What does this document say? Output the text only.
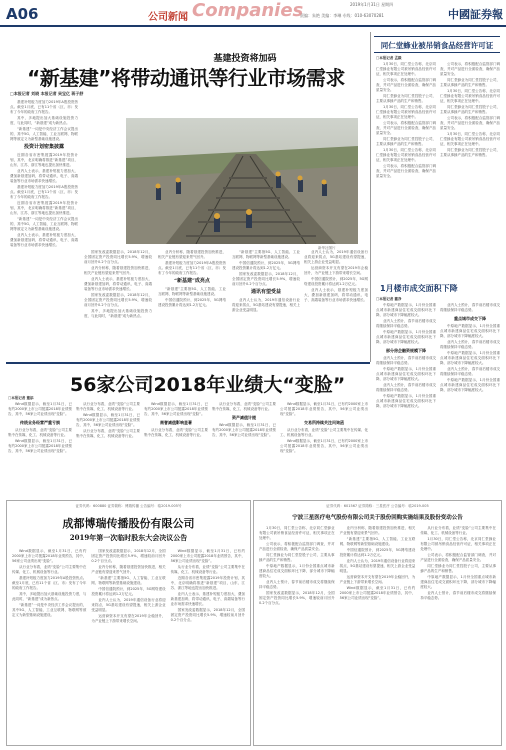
A06	Companies
公司新闻
2019年1月31日 星期四
责编：朱艳 美编：李琳 专线：010-63070281	中國証券報
基建投资将加码
“新基建”将带动通讯等行业市场需求
□本报记者 刘晓 本报记者 吴宝亿 蒋子舒

基建补短板力度加力2019年A股投资热点。截至1月底，已有11个省（区、市）发布了今年的政府工作报告。

其中，多地提出加大基础设施投资力度，与此同时，“新基建”成为新热点。

“新基建”一词是中央经济工作会议提出的，其中5G、人工智能、工业互联网、物联网等被定义为新型基础设施建设。

投资计划密集披露

近期各省市密集披露2019年投资计划，其中，北京明确将推进“新基建”项目，山东、江苏、浙江等地也提出加快推进。

业内人士表示，基建补短板力度加大，叠加新基建加码，将带动通讯、电子、高端装备等行业市场需求快速增长。

基建补短板力度加力2019年A股投资热点。截至1月底，已有11个省（区、市）发布了今年的政府工作报告。

近期各省市密集披露2019年投资计划，其中，北京明确将推进“新基建”项目，山东、江苏、浙江等地也提出加快推进。

“新基建”一词是中央经济工作会议提出的，其中5G、人工智能、工业互联网、物联网等被定义为新型基础设施建设。

业内人士表示，基建补短板力度加大，叠加新基建加码，将带动通讯、电子、高端装备等行业市场需求快速增长。

新华社图片

国家发改委数据显示，2018年12月，全国固定资产投资同比增长5.9%，增速较前月回升0.2个百分点。

业内分析称，随着基建投资加快推进，相关产业链有望迎来景气回升。

业内人士表示，基建补短板力度加大，叠加新基建加码，将带动通讯、电子、高端装备等行业市场需求快速增长。

国家发改委数据显示，2018年12月，全国固定资产投资同比增长5.9%，增速较前月回升0.2个百分点。

其中，多地提出加大基础设施投资力度，与此同时，“新基建”成为新热点。

业内分析称，随着基建投资加快推进，相关产业链有望迎来景气回升。

基建补短板力度加力2019年A股投资热点。截至1月底，已有11个省（区、市）发布了今年的政府工作报告。

“新基建”成亮点

“新基建”主要指5G、人工智能、工业互联网、物联网等新型基础设施建设。

中国信通院预计，到2025年，5G网络建设投资累计将达到1.2万亿元。

“新基建”主要指5G、人工智能、工业互联网、物联网等新型基础设施建设。

中国信通院预计，到2025年，5G网络建设投资累计将达到1.2万亿元。

国家发改委数据显示，2018年12月，全国固定资产投资同比增长5.9%，增速较前月回升0.2个百分点。

通讯有望受益

业内人士认为，2019年通信设备行业将迎来拐点，5G基站建设有望提速，相关上游企业受益明显。

业内人士认为，2019年通信设备行业将迎来拐点，5G基站建设有望提速，相关上游企业受益明显。

运营商资本开支有望在2019年企稳回升，为产业链上下游带来增长空间。

中国信通院预计，到2025年，5G网络建设投资累计将达到1.2万亿元。

业内人士表示，基建补短板力度加大，叠加新基建加码，将带动通讯、电子、高端装备等行业市场需求快速增长。

同仁堂蜂业被吊销食品经营许可证
□本报记者 孟燚

1月30日，同仁堂公告称，北京同仁堂蜂业有限公司被吊销食品经营许可证，相关事项正在处理中。

公司表示，将积极配合监管部门调查，并对产品进行全面检查，确保产品质量安全。

同仁堂蜂业为同仁堂控股子公司，主要从事蜂产品的生产和销售。

1月30日，同仁堂公告称，北京同仁堂蜂业有限公司被吊销食品经营许可证，相关事项正在处理中。

公司表示，将积极配合监管部门调查，并对产品进行全面检查，确保产品质量安全。

同仁堂蜂业为同仁堂控股子公司，主要从事蜂产品的生产和销售。

1月30日，同仁堂公告称，北京同仁堂蜂业有限公司被吊销食品经营许可证，相关事项正在处理中。

公司表示，将积极配合监管部门调查，并对产品进行全面检查，确保产品质量安全。

公司表示，将积极配合监管部门调查，并对产品进行全面检查，确保产品质量安全。

同仁堂蜂业为同仁堂控股子公司，主要从事蜂产品的生产和销售。

1月30日，同仁堂公告称，北京同仁堂蜂业有限公司被吊销食品经营许可证，相关事项正在处理中。

同仁堂蜂业为同仁堂控股子公司，主要从事蜂产品的生产和销售。

公司表示，将积极配合监管部门调查，并对产品进行全面检查，确保产品质量安全。

1月30日，同仁堂公告称，北京同仁堂蜂业有限公司被吊销食品经营许可证，相关事项正在处理中。

同仁堂蜂业为同仁堂控股子公司，主要从事蜂产品的生产和销售。

1月楼市成交面积下降
□本报记者 戴净

中原地产数据显示，1月份全国重点城市新建商品住宅成交面积环比下降，部分城市下降幅度较大。

业内人士预计，春节前后楼市成交将继续保持平稳态势。

中原地产数据显示，1月份全国重点城市新建商品住宅成交面积环比下降，部分城市下降幅度较大。

部分房企融资规模下降

业内人士预计，春节前后楼市成交将继续保持平稳态势。

中原地产数据显示，1月份全国重点城市新建商品住宅成交面积环比下降，部分城市下降幅度较大。

业内人士预计，春节前后楼市成交将继续保持平稳态势。

中原地产数据显示，1月份全国重点城市新建商品住宅成交面积环比下降，部分城市下降幅度较大。

业内人士预计，春节前后楼市成交将继续保持平稳态势。

重点城市成交下降

中原地产数据显示，1月份全国重点城市新建商品住宅成交面积环比下降，部分城市下降幅度较大。

业内人士预计，春节前后楼市成交将继续保持平稳态势。

中原地产数据显示，1月份全国重点城市新建商品住宅成交面积环比下降，部分城市下降幅度较大。

业内人士预计，春节前后楼市成交将继续保持平稳态势。

中原地产数据显示，1月份全国重点城市新建商品住宅成交面积环比下降，部分城市下降幅度较大。

56家公司2018年业绩大“变脸”
□本报记者 董添

Wind数据显示，截至1月31日，已有约2000家上市公司披露2018年业绩预告，其中，56家公司业绩出现“变脸”。

传统业务经营严重亏损

从行业分布看，业绩“变脸”公司主要集中在传媒、化工、机械设备等行业。

Wind数据显示，截至1月31日，已有约2000家上市公司披露2018年业绩预告，其中，56家公司业绩出现“变脸”。

从行业分布看，业绩“变脸”公司主要集中在传媒、化工、机械设备等行业。

Wind数据显示，截至1月31日，已有约2000家上市公司披露2018年业绩预告，其中，56家公司业绩出现“变脸”。

从行业分布看，业绩“变脸”公司主要集中在传媒、化工、机械设备等行业。

Wind数据显示，截至1月31日，已有约2000家上市公司披露2018年业绩预告，其中，56家公司业绩出现“变脸”。

商誉减值影响显著

从行业分布看，业绩“变脸”公司主要集中在传媒、化工、机械设备等行业。

从行业分布看，业绩“变脸”公司主要集中在传媒、化工、机械设备等行业。

资产减值计提

Wind数据显示，截至1月31日，已有约2000家上市公司披露2018年业绩预告，其中，56家公司业绩出现“变脸”。

Wind数据显示，截至1月31日，已有约2000家上市公司披露2018年业绩预告，其中，56家公司业绩出现“变脸”。

交易所持续关注问询函

从行业分布看，业绩“变脸”公司主要集中在传媒、化工、机械设备等行业。

Wind数据显示，截至1月31日，已有约2000家上市公司披露2018年业绩预告，其中，56家公司业绩出现“变脸”。

证券代码：600880 证券简称：博瑞传播 公告编号：临2019-005号
成都博瑞传播股份有限公司
2019年第一次临时股东大会决议公告

Wind数据显示，截至1月31日，已有约2000家上市公司披露2018年业绩预告，其中，56家公司业绩出现“变脸”。

从行业分布看，业绩“变脸”公司主要集中在传媒、化工、机械设备等行业。

基建补短板力度加力2019年A股投资热点。截至1月底，已有11个省（区、市）发布了今年的政府工作报告。

其中，多地提出加大基础设施投资力度，与此同时，“新基建”成为新热点。

“新基建”一词是中央经济工作会议提出的，其中5G、人工智能、工业互联网、物联网等被定义为新型基础设施建设。

国家发改委数据显示，2018年12月，全国固定资产投资同比增长5.9%，增速较前月回升0.2个百分点。

业内分析称，随着基建投资加快推进，相关产业链有望迎来景气回升。

“新基建”主要指5G、人工智能、工业互联网、物联网等新型基础设施建设。

中国信通院预计，到2025年，5G网络建设投资累计将达到1.2万亿元。

业内人士认为，2019年通信设备行业将迎来拐点，5G基站建设有望提速，相关上游企业受益明显。

运营商资本开支有望在2019年企稳回升，为产业链上下游带来增长空间。

Wind数据显示，截至1月31日，已有约2000家上市公司披露2018年业绩预告，其中，56家公司业绩出现“变脸”。

从行业分布看，业绩“变脸”公司主要集中在传媒、化工、机械设备等行业。

近期各省市密集披露2019年投资计划，其中，北京明确将推进“新基建”项目，山东、江苏、浙江等地也提出加快推进。

业内人士表示，基建补短板力度加大，叠加新基建加码，将带动通讯、电子、高端装备等行业市场需求快速增长。

国家发改委数据显示，2018年12月，全国固定资产投资同比增长5.9%，增速较前月回升0.2个百分点。

证券代码：601567 证券简称：三星医疗 公告编号：临2019-005
宁波三星医疗电气股份有限公司关于股份回购实施结果及股份变动公告

1月30日，同仁堂公告称，北京同仁堂蜂业有限公司被吊销食品经营许可证，相关事项正在处理中。

公司表示，将积极配合监管部门调查，并对产品进行全面检查，确保产品质量安全。

同仁堂蜂业为同仁堂控股子公司，主要从事蜂产品的生产和销售。

中原地产数据显示，1月份全国重点城市新建商品住宅成交面积环比下降，部分城市下降幅度较大。

业内人士预计，春节前后楼市成交将继续保持平稳态势。

国家发改委数据显示，2018年12月，全国固定资产投资同比增长5.9%，增速较前月回升0.2个百分点。

业内分析称，随着基建投资加快推进，相关产业链有望迎来景气回升。

“新基建”主要指5G、人工智能、工业互联网、物联网等新型基础设施建设。

中国信通院预计，到2025年，5G网络建设投资累计将达到1.2万亿元。

业内人士认为，2019年通信设备行业将迎来拐点，5G基站建设有望提速，相关上游企业受益明显。

运营商资本开支有望在2019年企稳回升，为产业链上下游带来增长空间。

Wind数据显示，截至1月31日，已有约2000家上市公司披露2018年业绩预告，其中，56家公司业绩出现“变脸”。

从行业分布看，业绩“变脸”公司主要集中在传媒、化工、机械设备等行业。

1月30日，同仁堂公告称，北京同仁堂蜂业有限公司被吊销食品经营许可证，相关事项正在处理中。

公司表示，将积极配合监管部门调查，并对产品进行全面检查，确保产品质量安全。

同仁堂蜂业为同仁堂控股子公司，主要从事蜂产品的生产和销售。

中原地产数据显示，1月份全国重点城市新建商品住宅成交面积环比下降，部分城市下降幅度较大。

业内人士预计，春节前后楼市成交将继续保持平稳态势。
